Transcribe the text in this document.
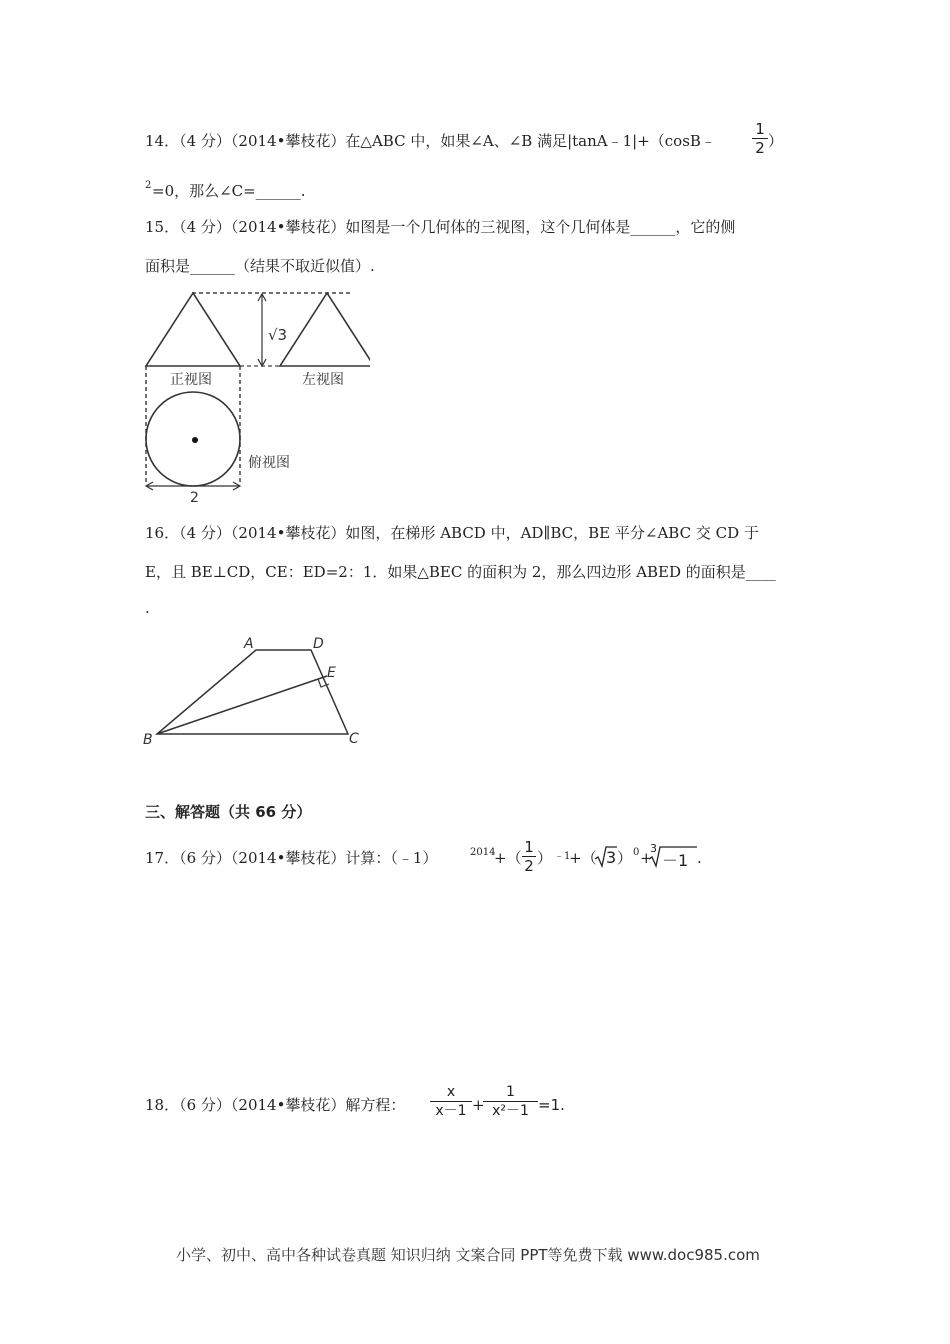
14．（4 分）（2014•攀枝花）在△ABC 中，如果∠A、∠B 满足|tanA﹣1|+（cosB﹣
1
2 ）
2 =0，那么∠C=______.
15．（4 分）（2014•攀枝花）如图是一个几何体的三视图，这个几何体是______，它的侧
面积是______（结果不取近似值）.
√3
正视图	左视图
俯视图
2
16．（4 分）（2014•攀枝花）如图，在梯形 ABCD 中，AD∥BC，BE 平分∠ABC 交 CD 于
E，且 BE⊥CD，CE：ED=2：1．如果△BEC 的面积为 2，那么四边形 ABED 的面积是____
.
A	D
E
B	C
三、解答题（共 66 分）
17．（6 分）（2014•攀枝花）计算：（﹣1）	2014
+（
1
2 ） ﹣1
+（ 3 ） 0 +
3
－1 .
18．（6 分）（2014•攀枝花）解方程：
x
x－1 +
1
x²－1 =1.
小学、初中、高中各种试卷真题 知识归纳 文案合同 PPT等免费下载 www.doc985.com
